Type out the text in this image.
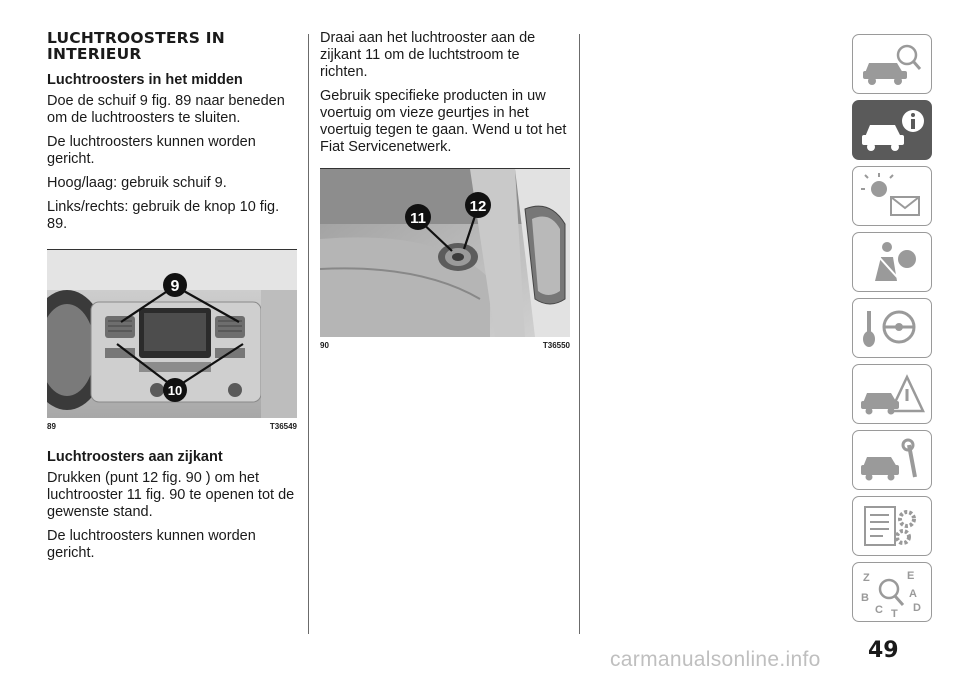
LUCHTROOSTERS IN
INTERIEUR
Luchtroosters in het midden

Doe de schuif 9 fig. 89 naar beneden om de luchtroosters te sluiten.

De luchtroosters kunnen worden gericht.

Hoog/laag: gebruik schuif 9.

Links/rechts: gebruik de knop 10 fig. 89.

9
10
89	T36549
Luchtroosters aan zijkant

Drukken (punt 12 fig. 90 ) om het luchtrooster 11 fig. 90 te openen tot de gewenste stand.

De luchtroosters kunnen worden gericht.

Draai aan het luchtrooster aan de zijkant 11 om de luchtstroom te richten.

Gebruik specifieke producten in uw voertuig om vieze geurtjes in het voertuig tegen te gaan. Wend u tot het Fiat Servicenetwerk.

11
12
90	T36550
Z	E
B	A
C	D
T
49
carmanualsonline.info
